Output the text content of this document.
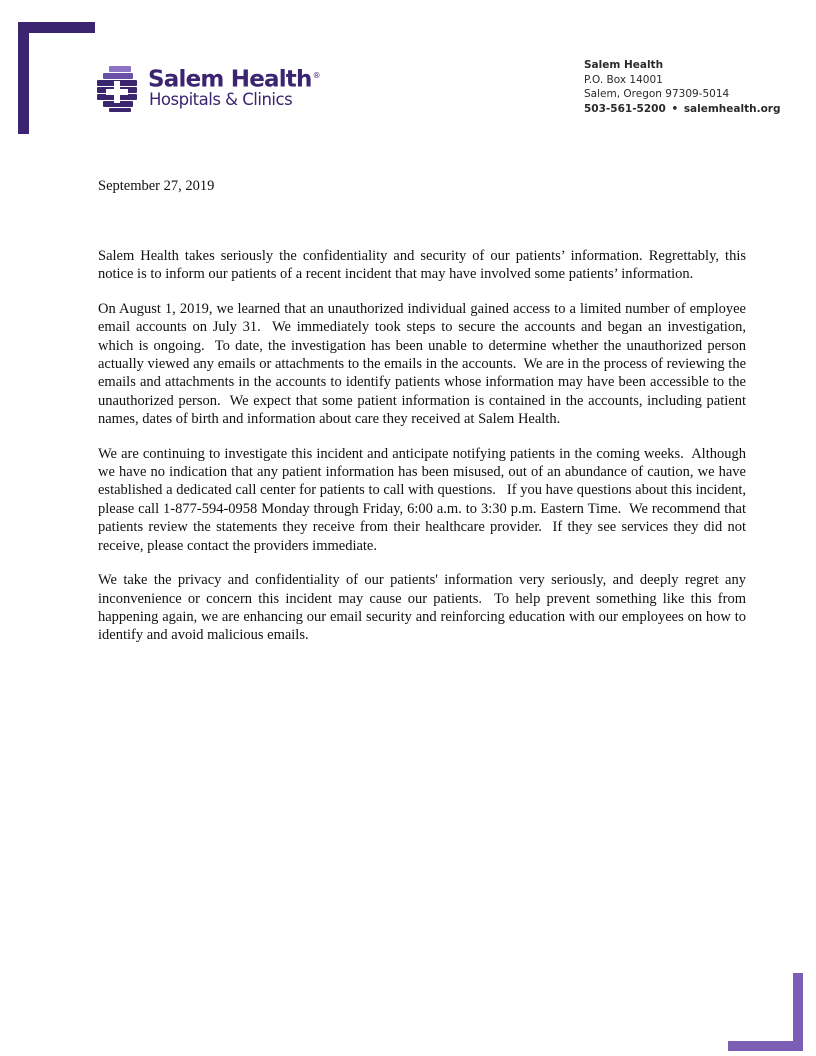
Salem Health®
Hospitals & Clinics
Salem Health
P.O. Box 14001
Salem, Oregon 97309-5014
503-561-5200 • salemhealth.org
September 27, 2019

Salem Health takes seriously the confidentiality and security of our patients’ information. Regrettably, this notice is to inform our patients of a recent incident that may have involved some patients’ information.

On August 1, 2019, we learned that an unauthorized individual gained access to a limited number of employee email accounts on July 31.  We immediately took steps to secure the accounts and began an investigation, which is ongoing.  To date, the investigation has been unable to determine whether the unauthorized person actually viewed any emails or attachments to the emails in the accounts.  We are in the process of reviewing the emails and attachments in the accounts to identify patients whose information may have been accessible to the unauthorized person.  We expect that some patient information is contained in the accounts, including patient names, dates of birth and information about care they received at Salem Health.

We are continuing to investigate this incident and anticipate notifying patients in the coming weeks.  Although we have no indication that any patient information has been misused, out of an abundance of caution, we have established a dedicated call center for patients to call with questions.   If you have questions about this incident, please call 1-877-594-0958 Monday through Friday, 6:00 a.m. to 3:30 p.m. Eastern Time.  We recommend that patients review the statements they receive from their healthcare provider.  If they see services they did not receive, please contact the providers immediate.

We take the privacy and confidentiality of our patients' information very seriously, and deeply regret any inconvenience or concern this incident may cause our patients.  To help prevent something like this from happening again, we are enhancing our email security and reinforcing education with our employees on how to identify and avoid malicious emails.
